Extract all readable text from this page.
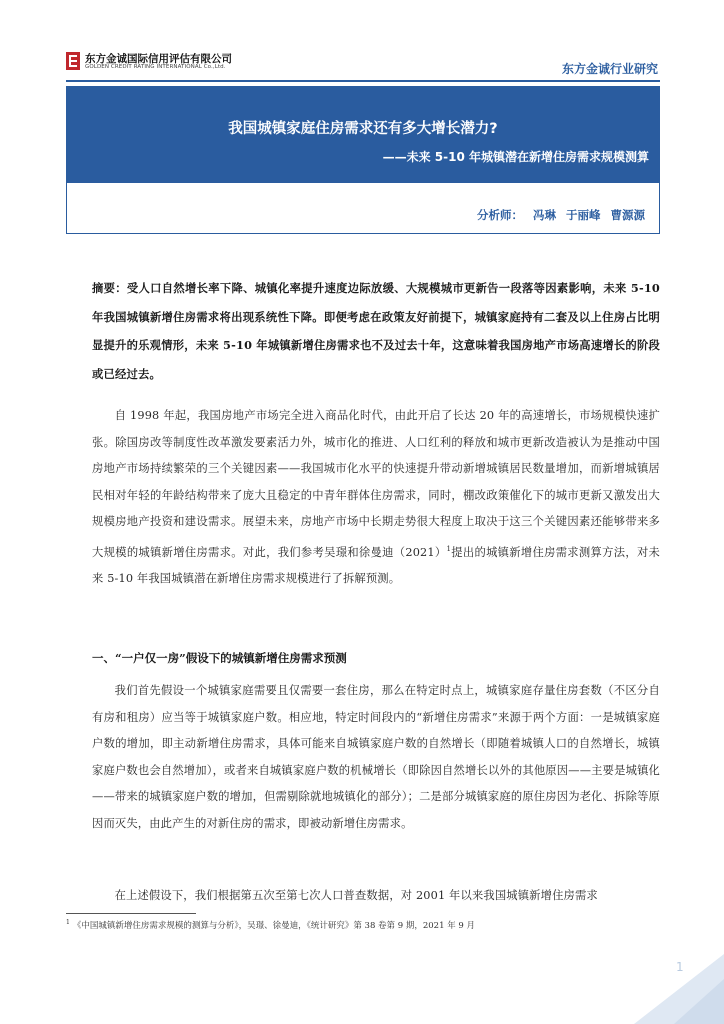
东方金诚国际信用评估有限公司
GOLDEN CREDIT RATING INTERNATIONAL Co.,Ltd.	东方金诚行业研究
我国城镇家庭住房需求还有多大增长潜力?
——未来 5-10 年城镇潜在新增住房需求规模测算
分析师： 冯琳 于丽峰 曹源源
摘要：受人口自然增长率下降、城镇化率提升速度边际放缓、大规模城市更新告一段落等因素影响，未来 5-10 年我国城镇新增住房需求将出现系统性下降。即便考虑在政策友好前提下，城镇家庭持有二套及以上住房占比明显提升的乐观情形，未来 5-10 年城镇新增住房需求也不及过去十年，这意味着我国房地产市场高速增长的阶段或已经过去。
自 1998 年起，我国房地产市场完全进入商品化时代，由此开启了长达 20 年的高速增长，市场规模快速扩张。除国房改等制度性改革激发要素活力外，城市化的推进、人口红利的释放和城市更新改造被认为是推动中国房地产市场持续繁荣的三个关键因素——我国城市化水平的快速提升带动新增城镇居民数量增加，而新增城镇居民相对年轻的年龄结构带来了庞大且稳定的中青年群体住房需求，同时，棚改政策催化下的城市更新又激发出大规模房地产投资和建设需求。展望未来，房地产市场中长期走势很大程度上取决于这三个关键因素还能够带来多大规模的城镇新增住房需求。对此，我们参考吴璟和徐曼迪$(2021)^1$提出的城镇新增住房需求测算方法，对未来 5-10 年我国城镇潜在新增住房需求规模进行了拆解预测。
一、“一户仅一房”假设下的城镇新增住房需求预测
我们首先假设一个城镇家庭需要且仅需要一套住房，那么在特定时点上，城镇家庭存量住房套数（不区分自有房和租房）应当等于城镇家庭户数。相应地，特定时间段内的“新增住房需求”来源于两个方面：一是城镇家庭户数的增加，即主动新增住房需求，具体可能来自城镇家庭户数的自然增长（即随着城镇人口的自然增长，城镇家庭户数也会自然增加），或者来自城镇家庭户数的机械增长（即除因自然增长以外的其他原因——主要是城镇化——带来的城镇家庭户数的增加，但需剔除就地城镇化的部分）；二是部分城镇家庭的原住房因为老化、拆除等原因而灭失，由此产生的对新住房的需求，即被动新增住房需求。
在上述假设下，我们根据第五次至第七次人口普查数据，对 2001 年以来我国城镇新增住房需求
$^1$ 《中国城镇新增住房需求规模的测算与分析》，吴璟、徐曼迪，《统计研究》第 38 卷第 9 期，2021 年 9 月
1
